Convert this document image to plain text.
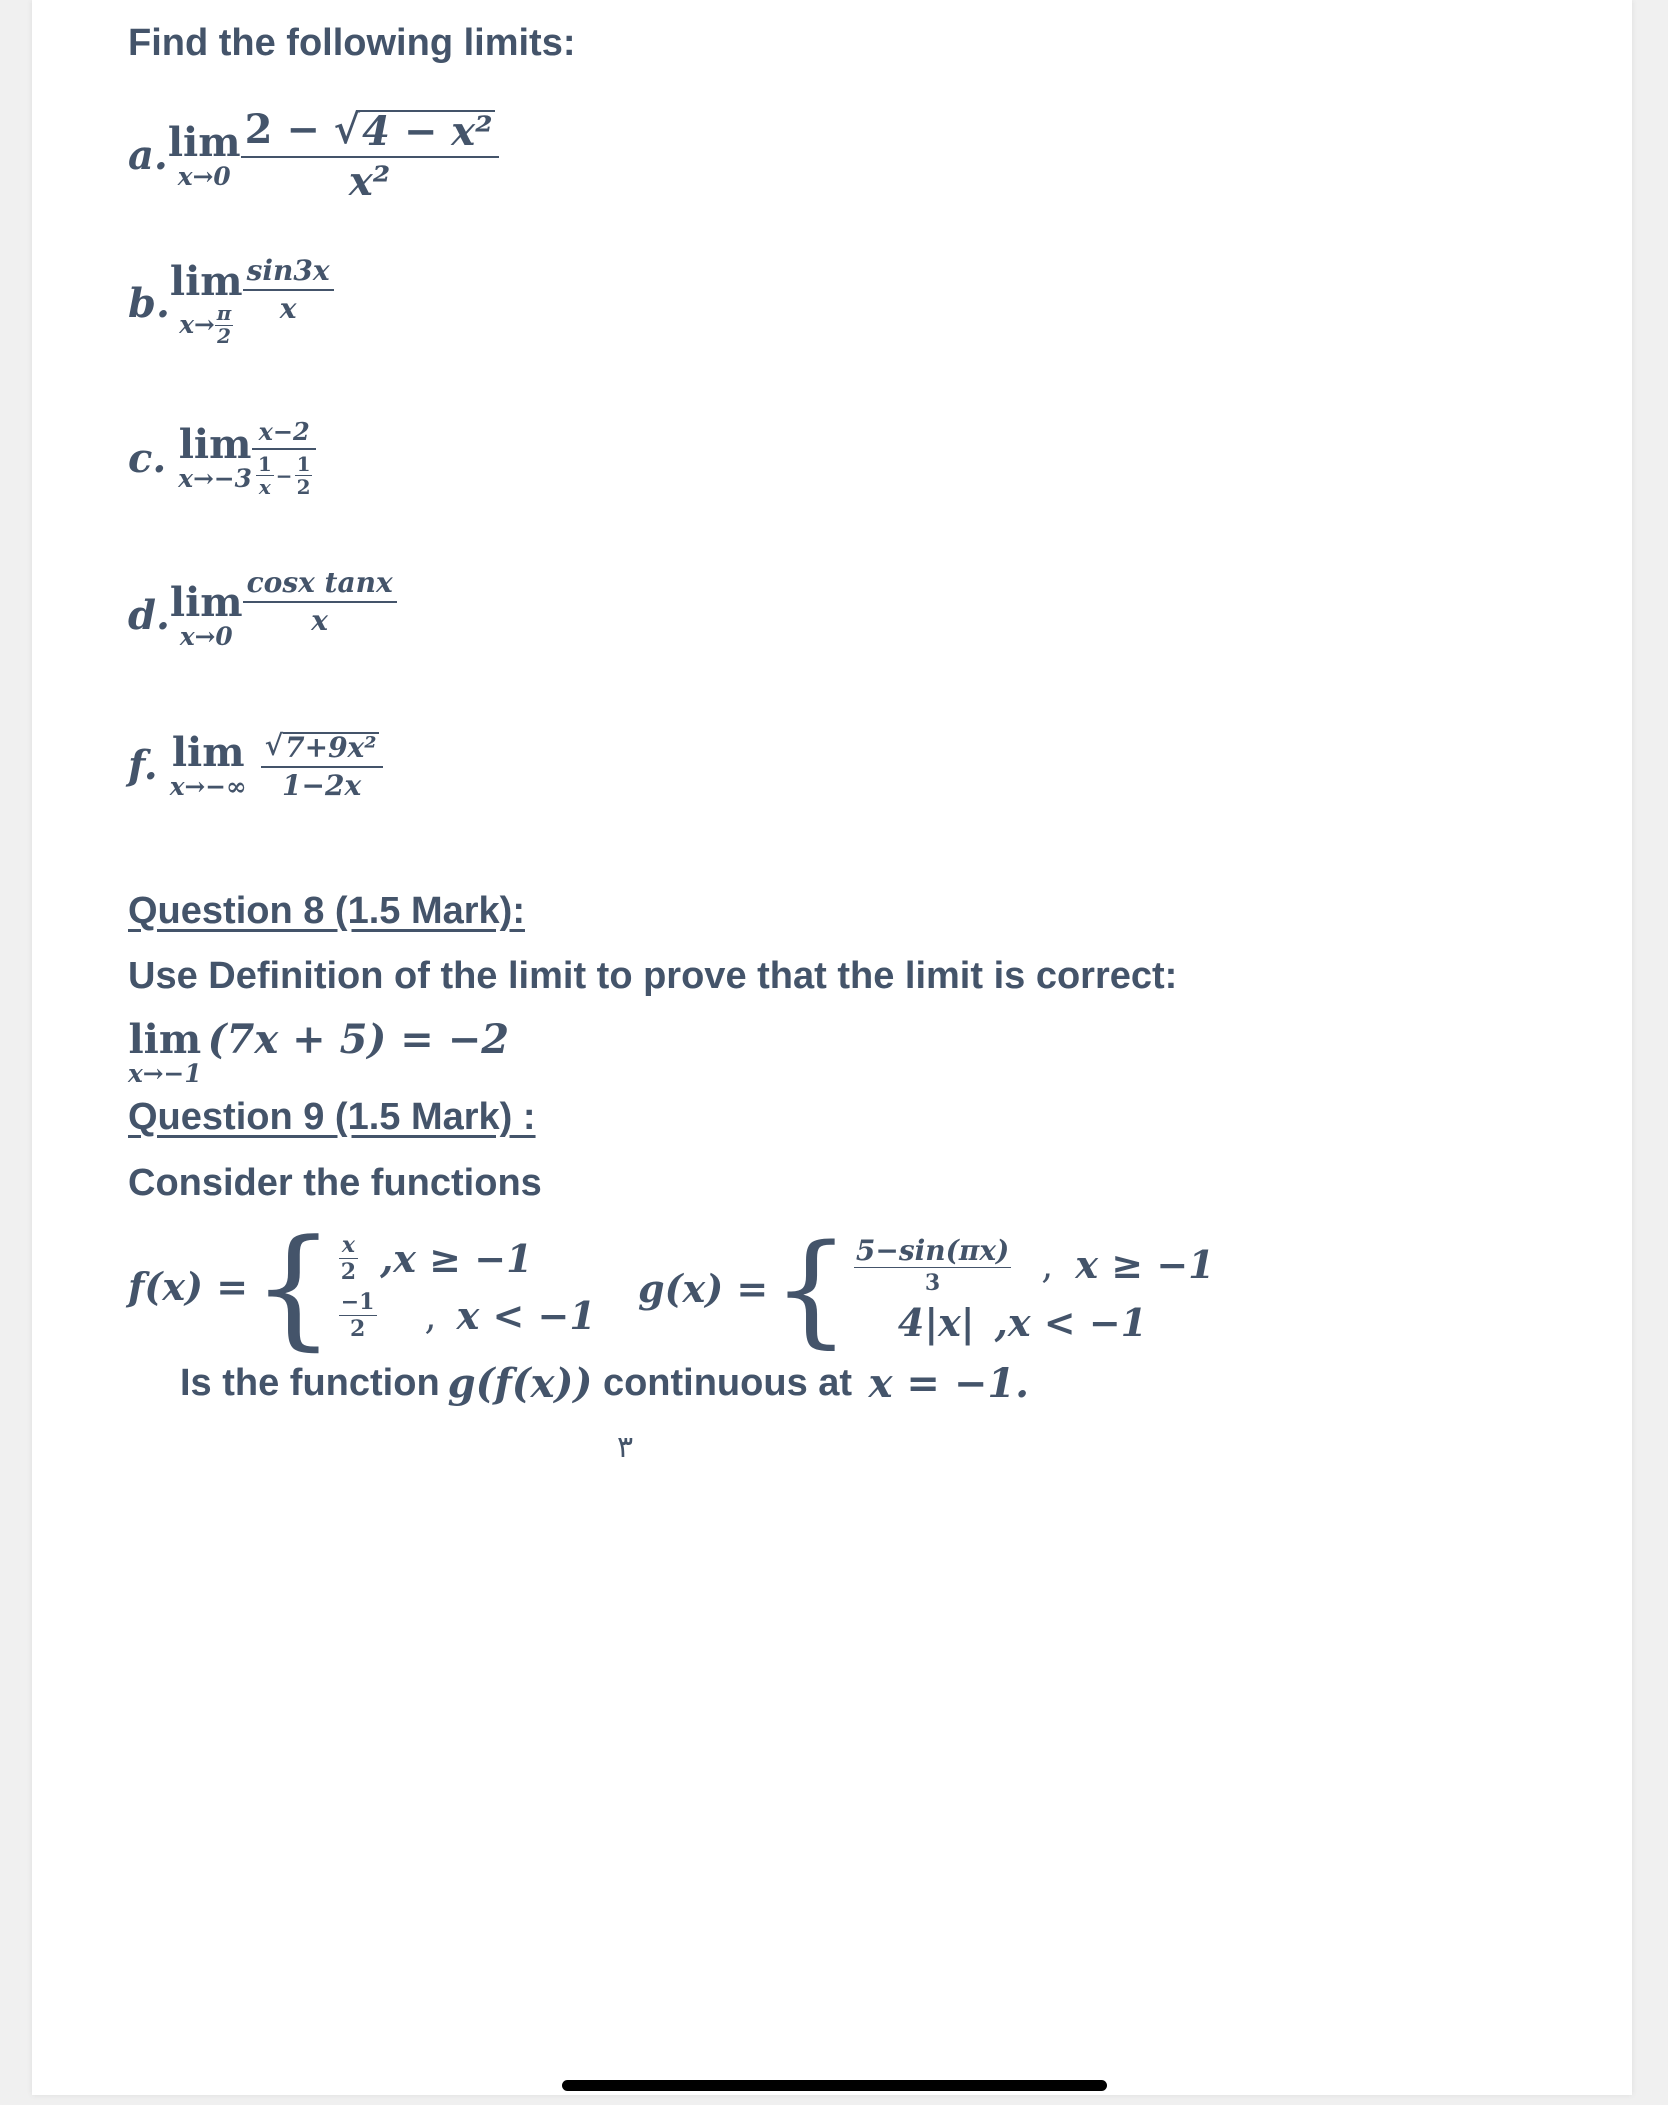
Find the following limits:
a. lim
$x\to 0 \frac{\text{2 − √ 4 − x²}}{\text{x²}}$
b. lim
$x\to \frac{\pi}{2}$
$\frac{\sin 3x}{x}$
c. lim
x→−3
x−2
$\frac{1}{x} - \frac{1}{2}$
d. lim
x→0
$\frac{\text{cosx tanx}}{x}$
f. lim
$x\to-\infty \frac{\text{√ 7+9x²}}{1-2x}$
Question 8 (1.5 Mark):
Use Definition of the limit to prove that the limit is correct:
lim
x→−1
(7x + 5) = −2
Question 9 (1.5 Mark) :
Consider the functions
f(x) = { $\frac{x}{2} ,x \ge -1$
$\frac{-1}{2}$ , x < −1
g(x) = { $\frac{5-\sin(\pi x)}{3}$ , x ≥ −1
4|x| ,x < −1
Is the function g(f(x)) continuous at x = −1.
٣
